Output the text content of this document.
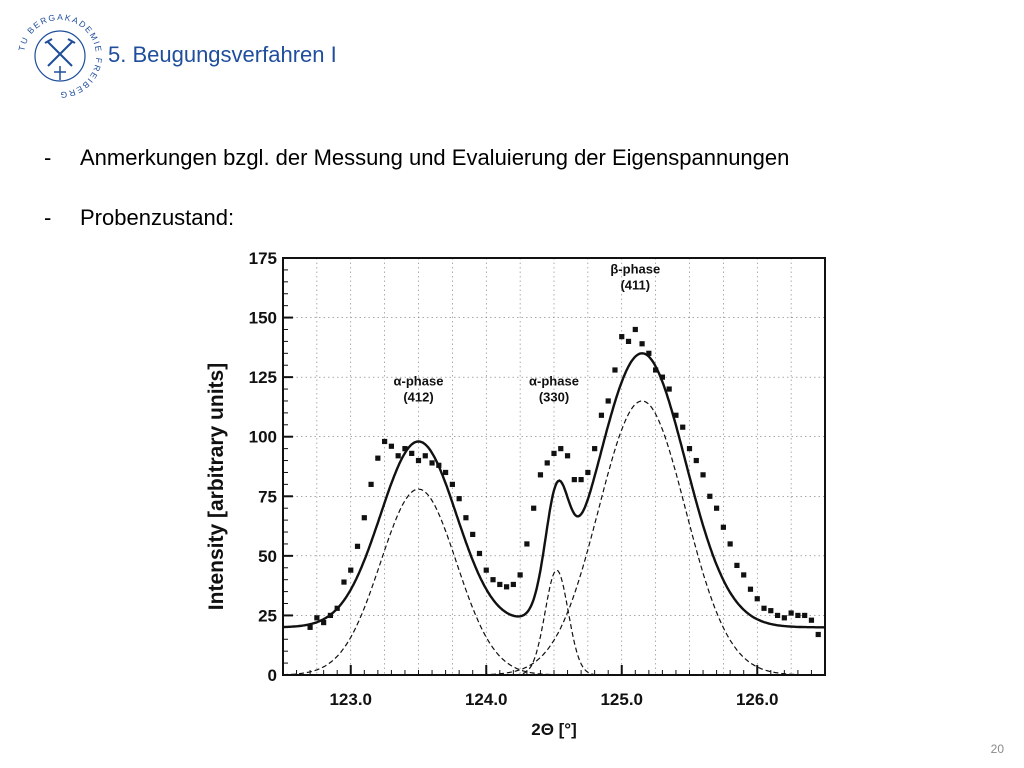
TU BERGAKADEMIE FREIBERG
5. Beugungsverfahren I
- Anmerkungen bzgl. der Messung und Evaluierung der Eigenspannungen
- Probenzustand:
0
25
50
75
100
125
150
175
123.0	124.0	125.0	126.0
2Θ [°]
Intensity [arbitrary units]	α-phase
(412)
α-phase
(330)
β-phase
(411)
20
